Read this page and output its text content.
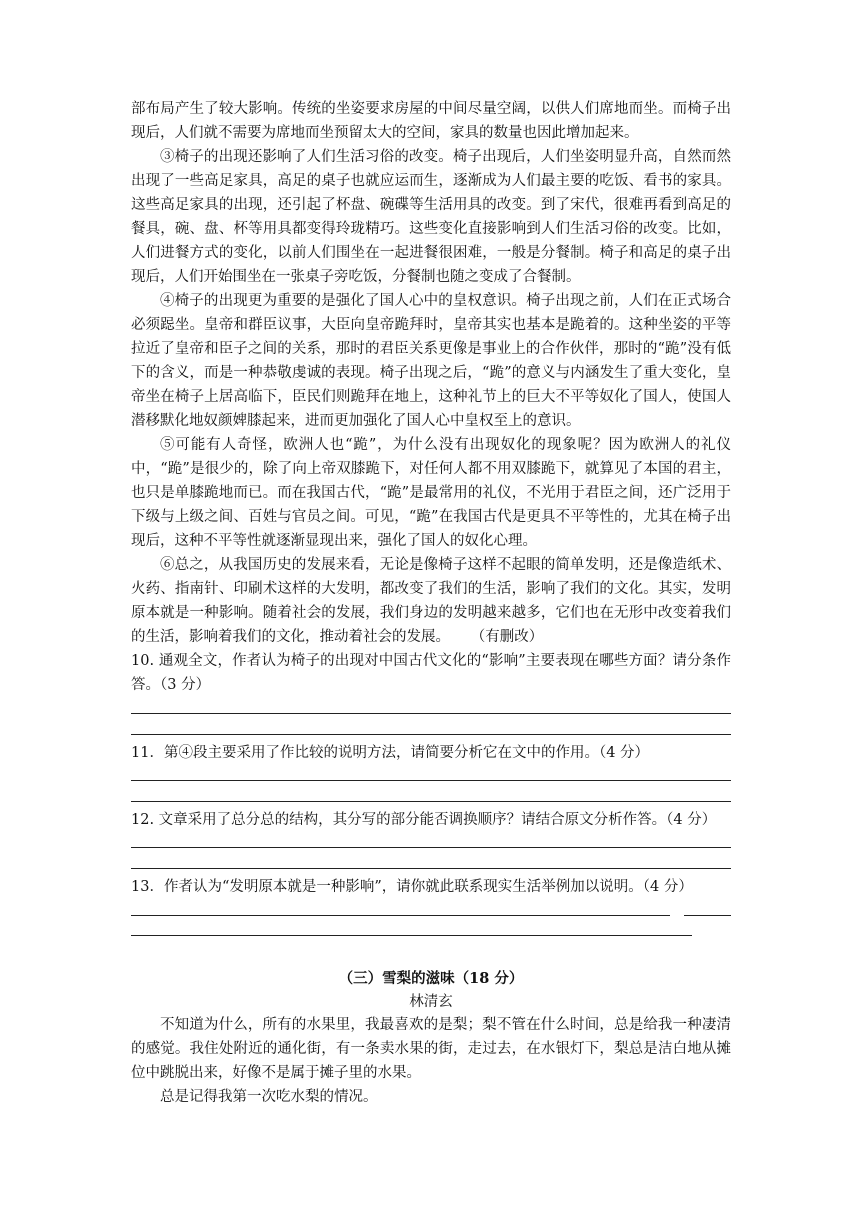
部布局产生了较大影响。传统的坐姿要求房屋的中间尽量空阔，以供人们席地而坐。而椅子出现后，人们就不需要为席地而坐预留太大的空间，家具的数量也因此增加起来。

③椅子的出现还影响了人们生活习俗的改变。椅子出现后，人们坐姿明显升高，自然而然出现了一些高足家具，高足的桌子也就应运而生，逐渐成为人们最主要的吃饭、看书的家具。这些高足家具的出现，还引起了杯盘、碗碟等生活用具的改变。到了宋代，很难再看到高足的餐具，碗、盘、杯等用具都变得玲珑精巧。这些变化直接影响到人们生活习俗的改变。比如，人们进餐方式的变化，以前人们围坐在一起进餐很困难，一般是分餐制。椅子和高足的桌子出现后，人们开始围坐在一张桌子旁吃饭，分餐制也随之变成了合餐制。

④椅子的出现更为重要的是强化了国人心中的皇权意识。椅子出现之前，人们在正式场合必须跽坐。皇帝和群臣议事，大臣向皇帝跪拜时，皇帝其实也基本是跪着的。这种坐姿的平等拉近了皇帝和臣子之间的关系，那时的君臣关系更像是事业上的合作伙伴，那时的“跪”没有低下的含义，而是一种恭敬虔诚的表现。椅子出现之后，“跪”的意义与内涵发生了重大变化，皇帝坐在椅子上居高临下，臣民们则跪拜在地上，这种礼节上的巨大不平等奴化了国人，使国人潜移默化地奴颜婢膝起来，进而更加强化了国人心中皇权至上的意识。

⑤可能有人奇怪，欧洲人也“跪”，为什么没有出现奴化的现象呢？因为欧洲人的礼仪中，“跪”是很少的，除了向上帝双膝跪下，对任何人都不用双膝跪下，就算见了本国的君主，也只是单膝跪地而已。而在我国古代，“跪”是最常用的礼仪，不光用于君臣之间，还广泛用于下级与上级之间、百姓与官员之间。可见，“跪”在我国古代是更具不平等性的，尤其在椅子出现后，这种不平等性就逐渐显现出来，强化了国人的奴化心理。

⑥总之，从我国历史的发展来看，无论是像椅子这样不起眼的简单发明，还是像造纸术、火药、指南针、印刷术这样的大发明，都改变了我们的生活，影响了我们的文化。其实，发明原本就是一种影响。随着社会的发展，我们身边的发明越来越多，它们也在无形中改变着我们的生活，影响着我们的文化，推动着社会的发展。 （有删改）

10. 通观全文，作者认为椅子的出现对中国古代文化的“影响”主要表现在哪些方面？请分条作答。（3 分）

11．第④段主要采用了作比较的说明方法，请简要分析它在文中的作用。（4 分）

12. 文章采用了总分总的结构，其分写的部分能否调换顺序？请结合原文分析作答。（4 分）

13．作者认为“发明原本就是一种影响”，请你就此联系现实生活举例加以说明。（4 分）

（三）雪梨的滋味（18 分）

林清玄

不知道为什么，所有的水果里，我最喜欢的是梨；梨不管在什么时间，总是给我一种凄清的感觉。我住处附近的通化街，有一条卖水果的街，走过去，在水银灯下，梨总是洁白地从摊位中跳脱出来，好像不是属于摊子里的水果。

总是记得我第一次吃水梨的情况。
